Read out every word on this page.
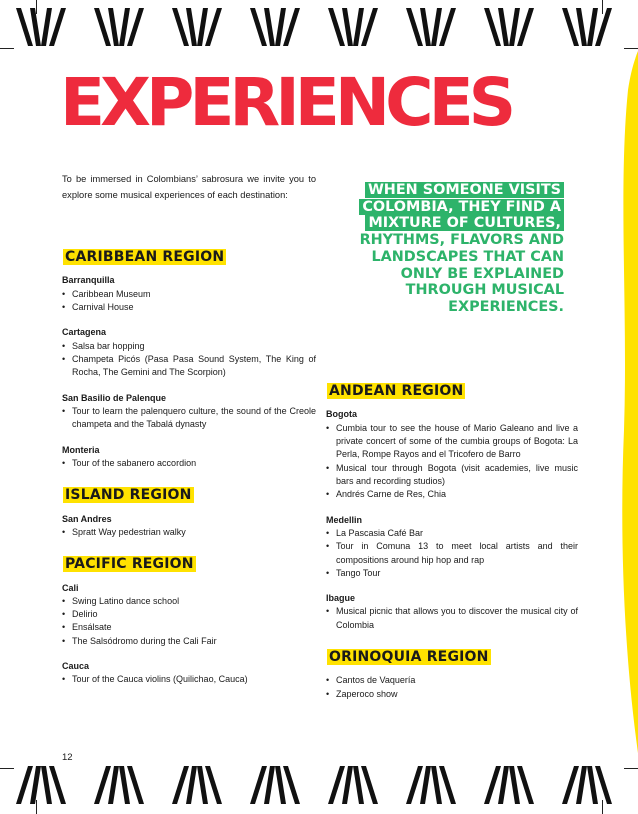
EXPERIENCES
To be immersed in Colombians’ sabrosura we invite you to explore some musical experiences of each destination:	WHEN SOMEONE VISITS
COLOMBIA, THEY FIND A
MIXTURE OF CULTURES,
RHYTHMS, FLAVORS AND
LANDSCAPES THAT CAN
ONLY BE EXPLAINED
THROUGH MUSICAL
EXPERIENCES.
CARIBBEAN REGION
Barranquilla
• Caribbean Museum
• Carnival House
Cartagena
• Salsa bar hopping
• Champeta Picós (Pasa Pasa Sound System, The King of Rocha, The Gemini and The Scorpion)
San Basilio de Palenque
• Tour to learn the palenquero culture, the sound of the Creole champeta and the Tabalá dynasty
Monteria
• Tour of the sabanero accordion
ISLAND REGION
San Andres
• Spratt Way pedestrian walky
PACIFIC REGION
Cali
• Swing Latino dance school
• Delirio
• Ensálsate
• The Salsódromo during the Cali Fair
Cauca
• Tour of the Cauca violins (Quilichao, Cauca)
ANDEAN REGION
Bogota
• Cumbia tour to see the house of Mario Galeano and live a private concert of some of the cumbia groups of Bogota: La Perla, Rompe Rayos and el Tricofero de Barro
• Musical tour through Bogota (visit academies, live music bars and recording studios)
• Andrés Carne de Res, Chia
Medellin
• La Pascasia Café Bar
• Tour in Comuna 13 to meet local artists and their compositions around hip hop and rap
• Tango Tour
Ibague
• Musical picnic that allows you to discover the musical city of Colombia
ORINOQUIA REGION
• Cantos de Vaquería
• Zaperoco show
12
